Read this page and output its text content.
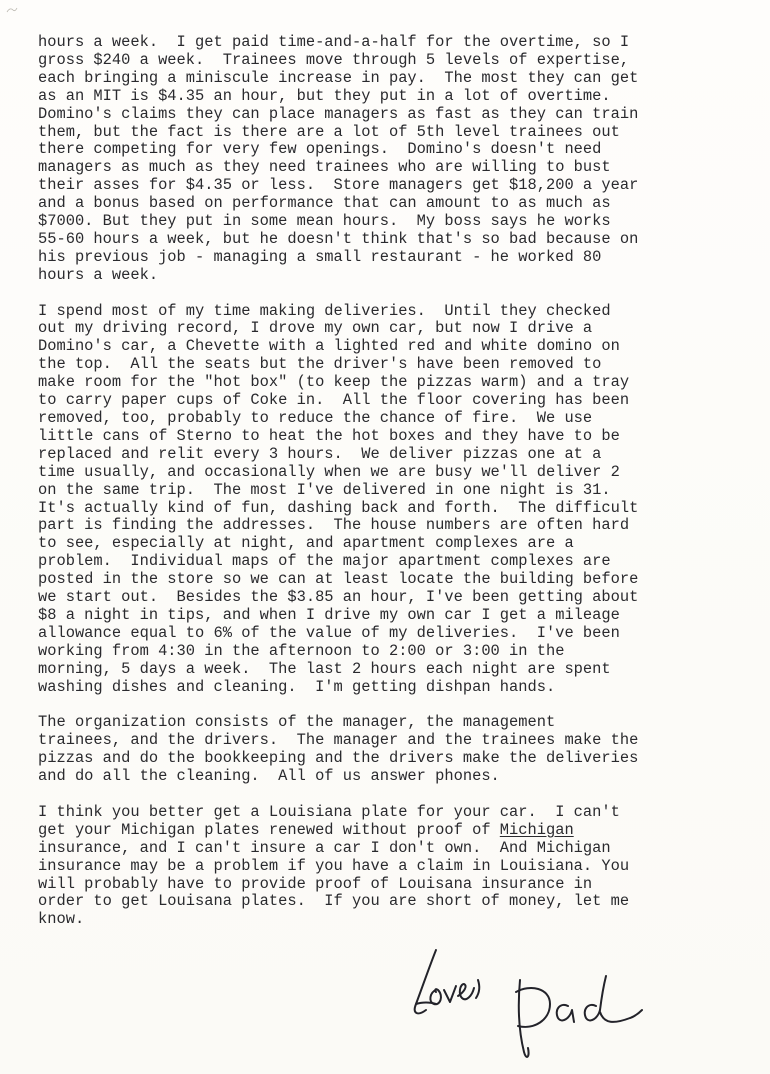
hours a week.  I get paid time-and-a-half for the overtime, so I
gross $240 a week.  Trainees move through 5 levels of expertise,
each bringing a miniscule increase in pay.  The most they can get
as an MIT is $4.35 an hour, but they put in a lot of overtime.
Domino's claims they can place managers as fast as they can train
them, but the fact is there are a lot of 5th level trainees out
there competing for very few openings.  Domino's doesn't need
managers as much as they need trainees who are willing to bust
their asses for $4.35 or less.  Store managers get $18,200 a year
and a bonus based on performance that can amount to as much as
$7000. But they put in some mean hours.  My boss says he works
55-60 hours a week, but he doesn't think that's so bad because on
his previous job - managing a small restaurant - he worked 80
hours a week.
I spend most of my time making deliveries.  Until they checked
out my driving record, I drove my own car, but now I drive a
Domino's car, a Chevette with a lighted red and white domino on
the top.  All the seats but the driver's have been removed to
make room for the "hot box" (to keep the pizzas warm) and a tray
to carry paper cups of Coke in.  All the floor covering has been
removed, too, probably to reduce the chance of fire.  We use
little cans of Sterno to heat the hot boxes and they have to be
replaced and relit every 3 hours.  We deliver pizzas one at a
time usually, and occasionally when we are busy we'll deliver 2
on the same trip.  The most I've delivered in one night is 31.
It's actually kind of fun, dashing back and forth.  The difficult
part is finding the addresses.  The house numbers are often hard
to see, especially at night, and apartment complexes are a
problem.  Individual maps of the major apartment complexes are
posted in the store so we can at least locate the building before
we start out.  Besides the $3.85 an hour, I've been getting about
$8 a night in tips, and when I drive my own car I get a mileage
allowance equal to 6% of the value of my deliveries.  I've been
working from 4:30 in the afternoon to 2:00 or 3:00 in the
morning, 5 days a week.  The last 2 hours each night are spent
washing dishes and cleaning.  I'm getting dishpan hands.
The organization consists of the manager, the management
trainees, and the drivers.  The manager and the trainees make the
pizzas and do the bookkeeping and the drivers make the deliveries
and do all the cleaning.  All of us answer phones.
I think you better get a Louisiana plate for your car.  I can't
get your Michigan plates renewed without proof of Michigan
insurance, and I can't insure a car I don't own.  And Michigan
insurance may be a problem if you have a claim in Louisiana. You
will probably have to provide proof of Louisana insurance in
order to get Louisana plates.  If you are short of money, let me
know.
